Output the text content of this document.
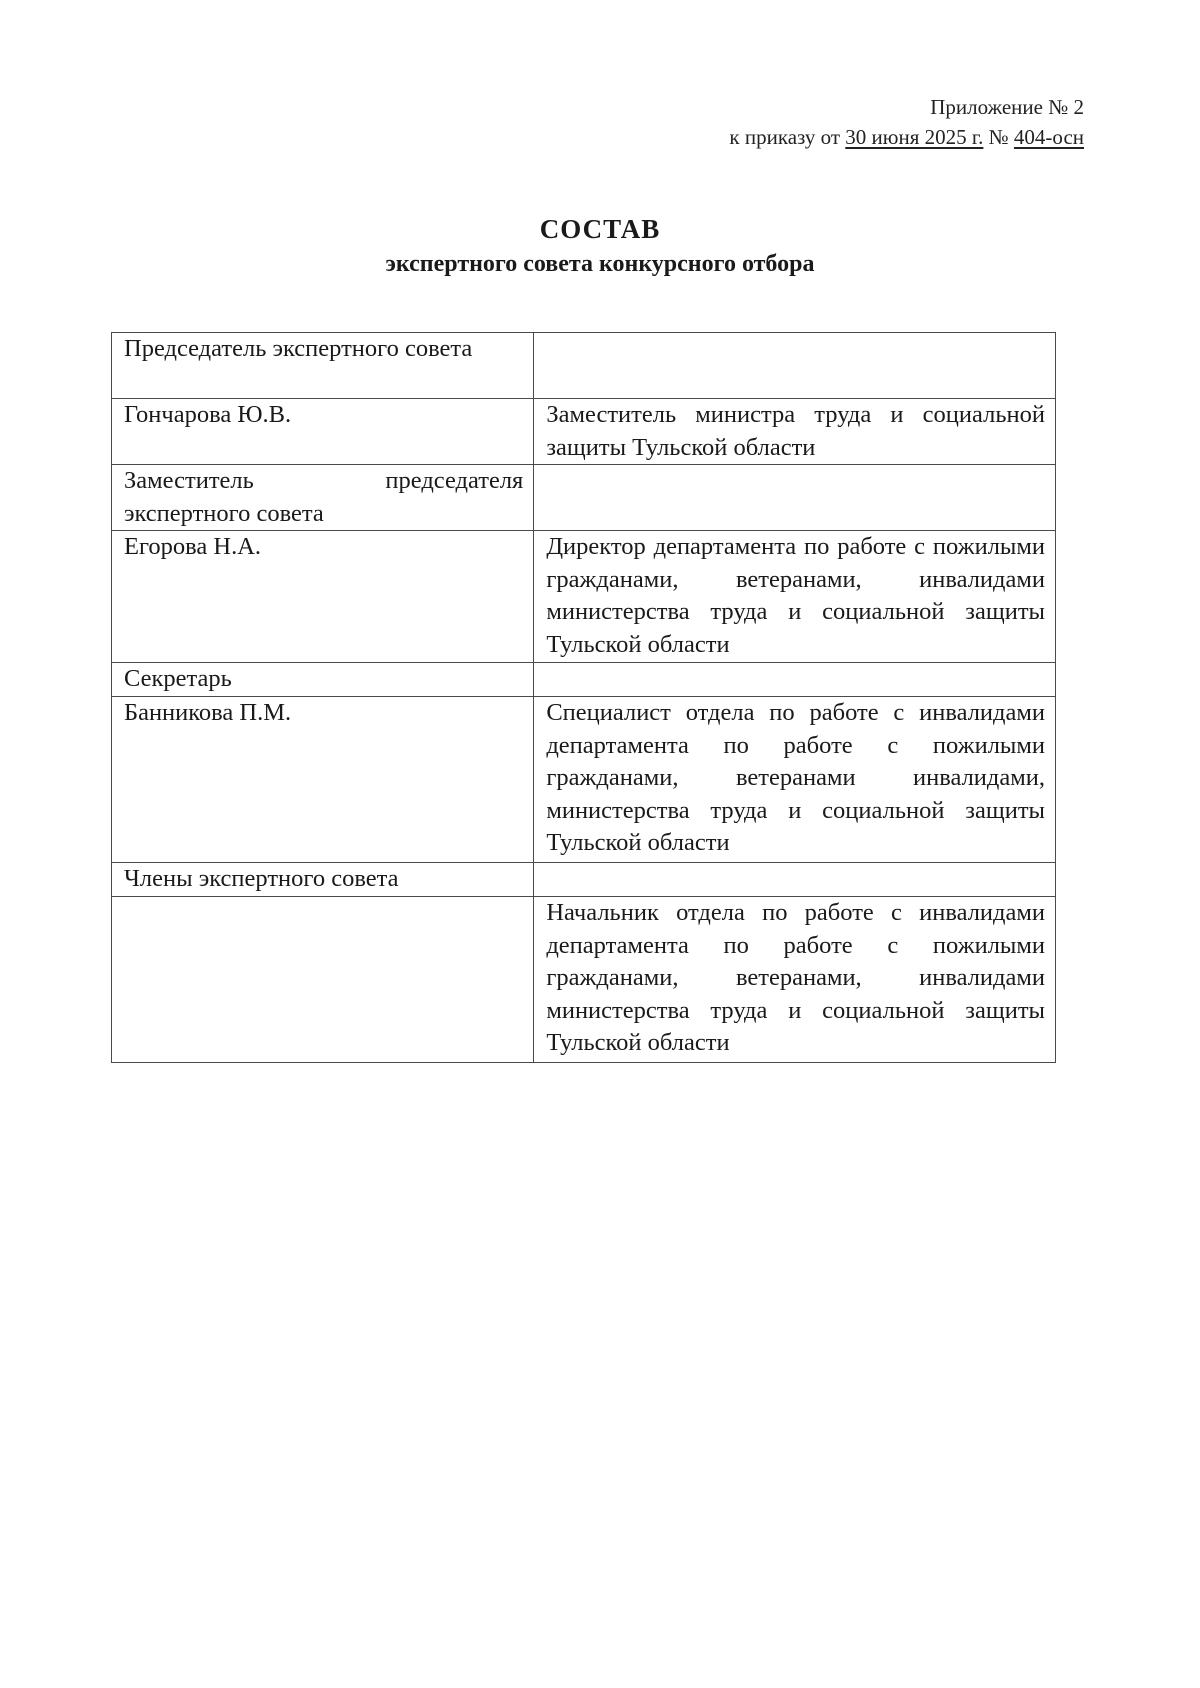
Приложение № 2
к приказу от 30 июня 2025 г. № 404-осн
СОСТАВ
экспертного совета конкурсного отбора
Председатель экспертного совета	
Гончарова Ю.В.	Заместитель министра труда и социальной защиты Тульской области
Заместитель председателя экспертного совета	
Егорова Н.А.	Директор департамента по работе с пожилыми гражданами, ветеранами, инвалидами министерства труда и социальной защиты Тульской области
Секретарь	
Банникова П.М.	Специалист отдела по работе с инвалидами департамента по работе с пожилыми гражданами, ветеранами инвалидами, министерства труда и социальной защиты Тульской области
Члены экспертного совета	
	Начальник отдела по работе с инвалидами департамента по работе с пожилыми гражданами, ветеранами, инвалидами министерства труда и социальной защиты Тульской области
